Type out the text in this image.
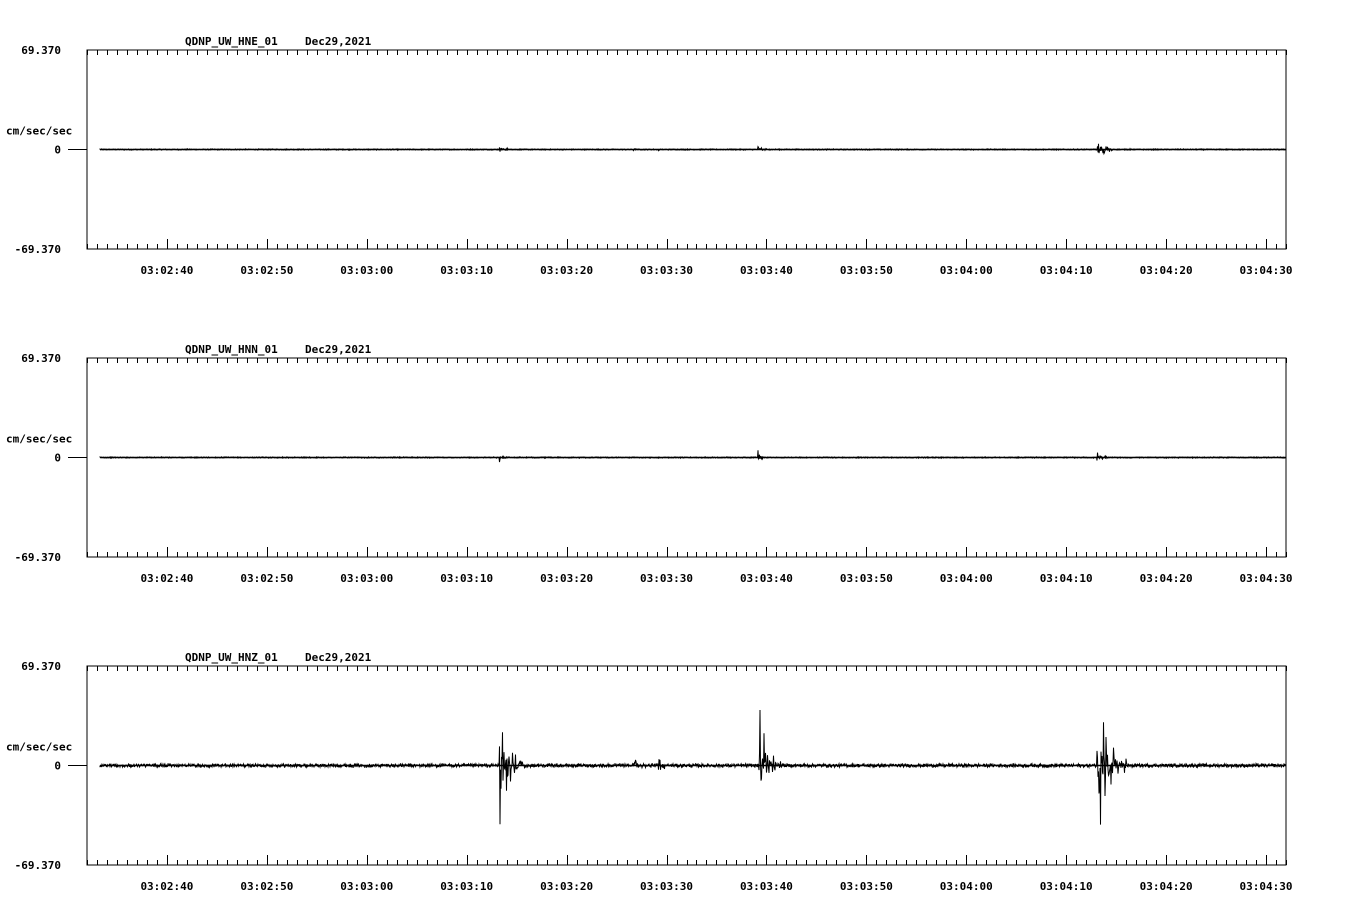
QDNP_UW_HNE_01 Dec29,2021
69.370
0
-69.370
cm/sec/sec
03:02:40	03:02:50	03:03:00	03:03:10	03:03:20	03:03:30	03:03:40	03:03:50	03:04:00	03:04:10	03:04:20	03:04:30
QDNP_UW_HNN_01 Dec29,2021
69.370
0
-69.370
cm/sec/sec
03:02:40	03:02:50	03:03:00	03:03:10	03:03:20	03:03:30	03:03:40	03:03:50	03:04:00	03:04:10	03:04:20	03:04:30
QDNP_UW_HNZ_01 Dec29,2021
69.370
0
-69.370
cm/sec/sec
03:02:40	03:02:50	03:03:00	03:03:10	03:03:20	03:03:30	03:03:40	03:03:50	03:04:00	03:04:10	03:04:20	03:04:30
